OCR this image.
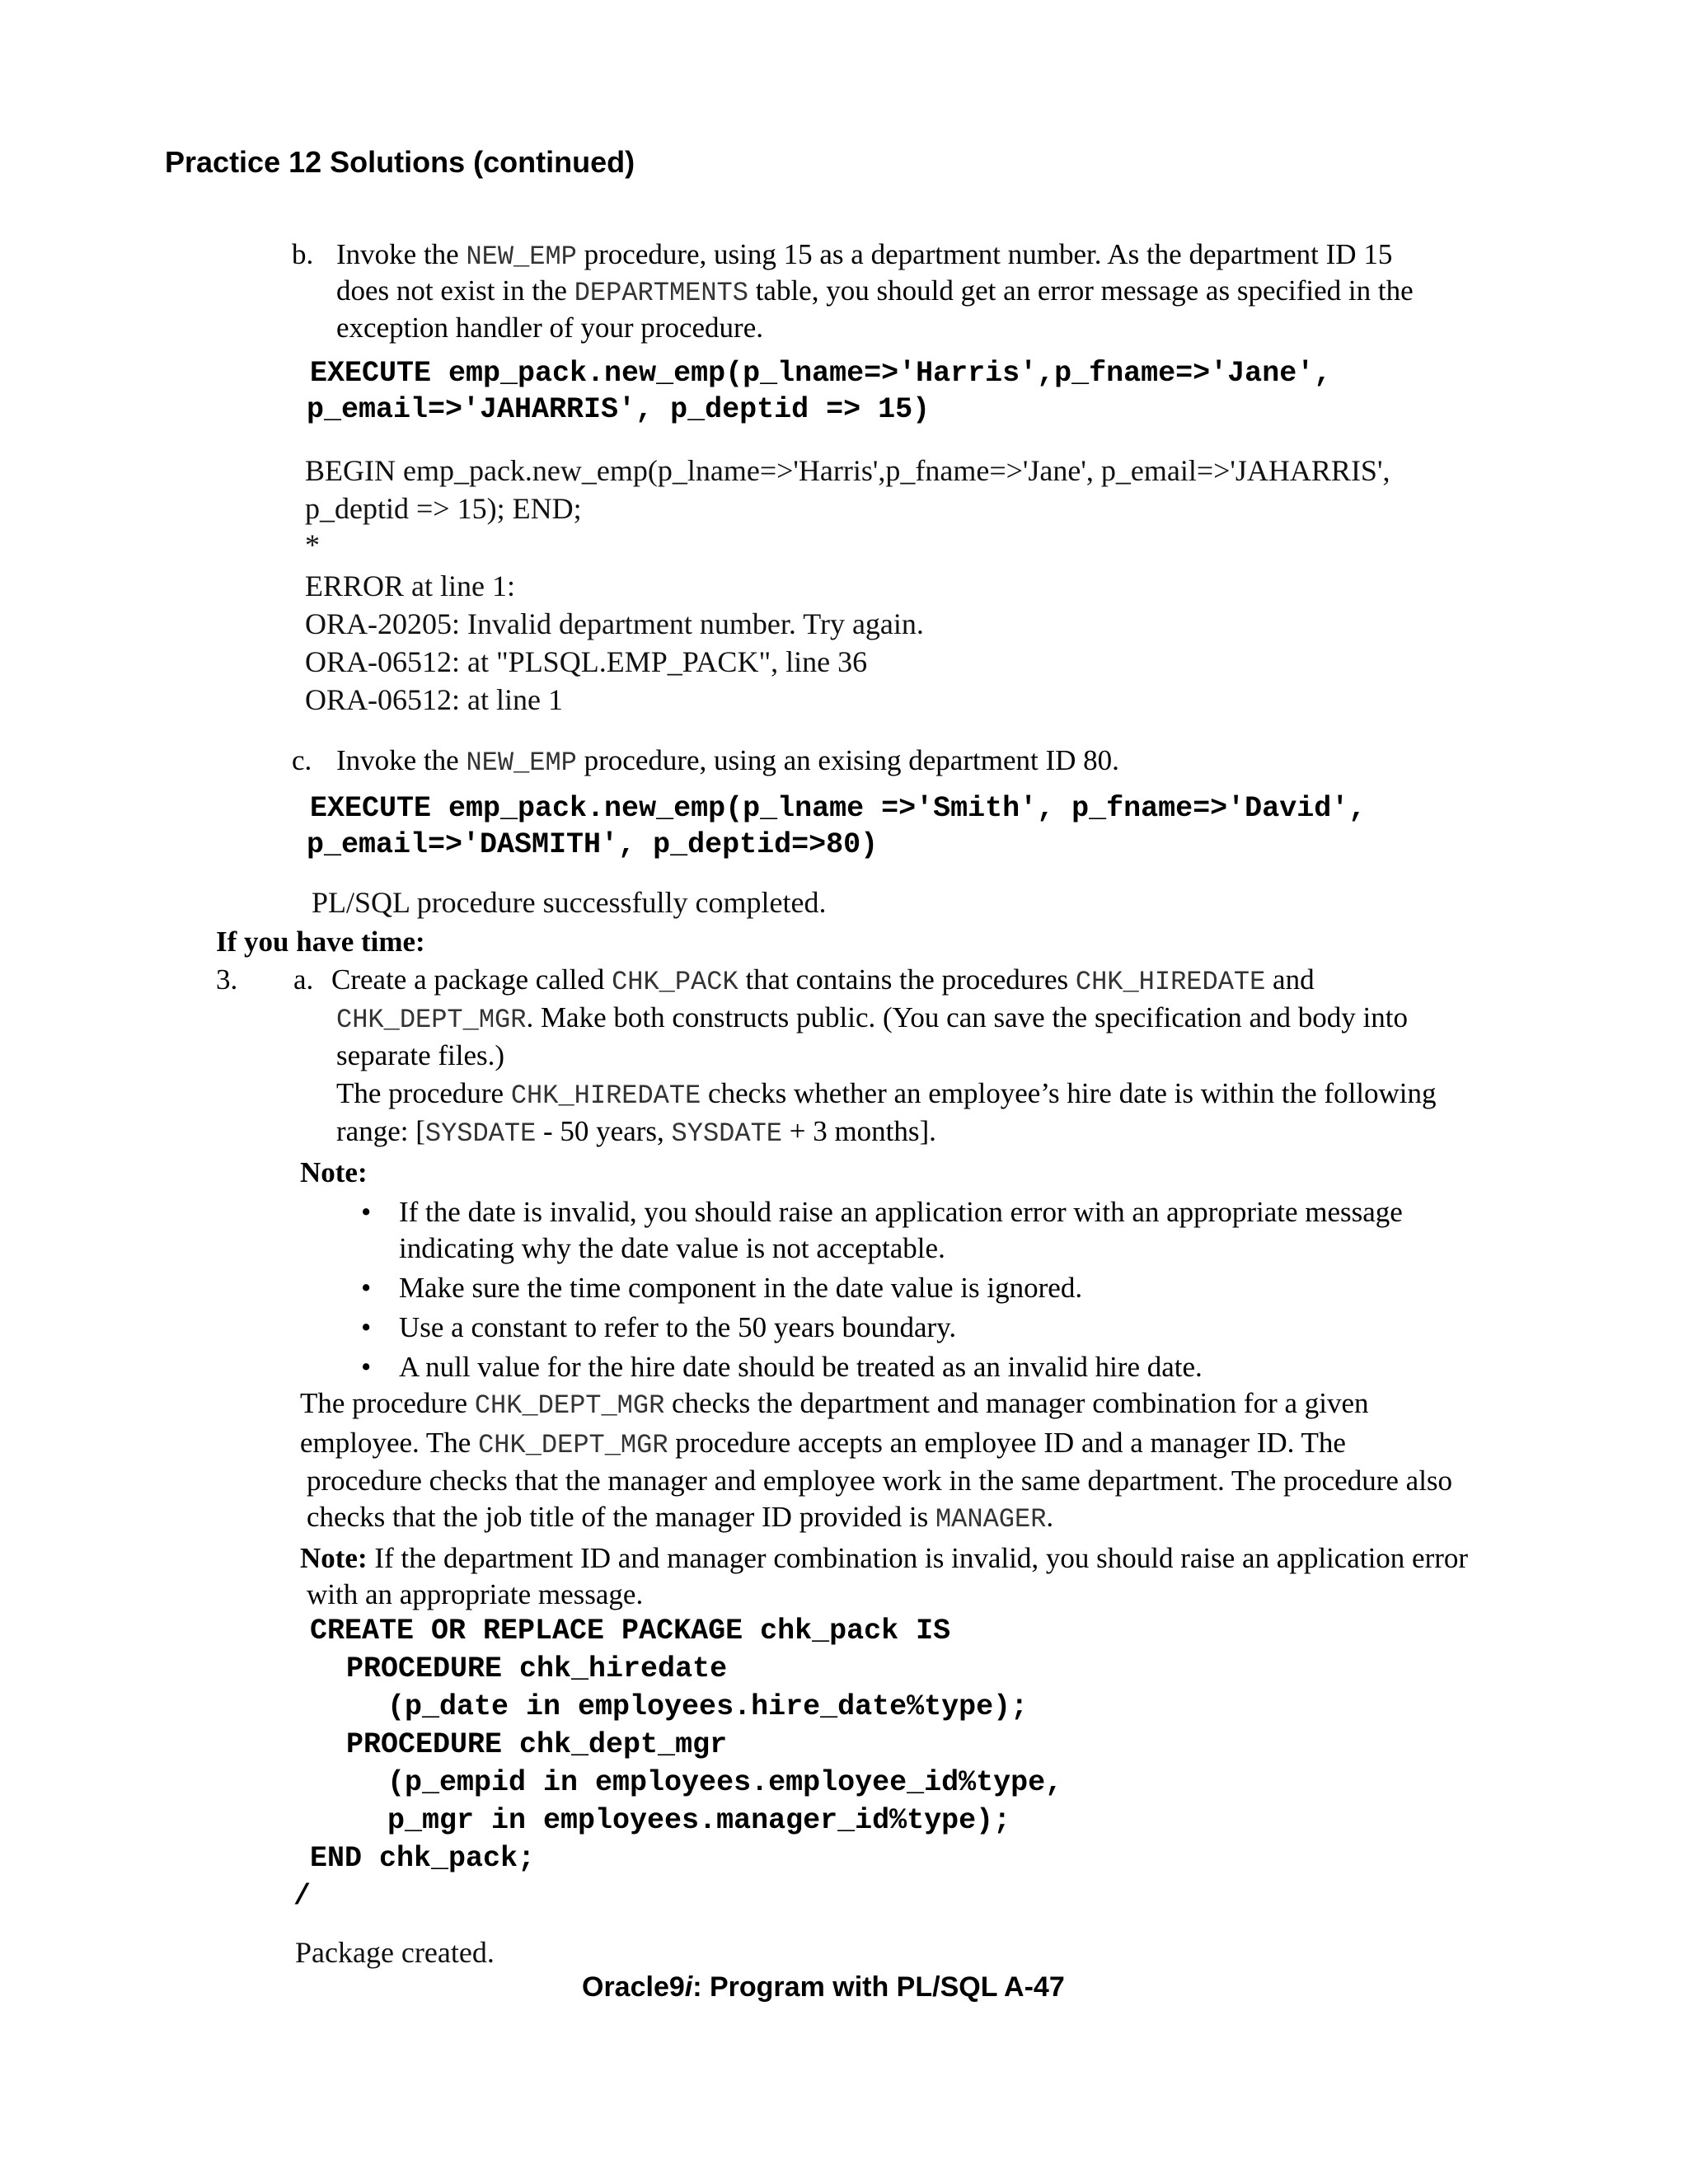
Practice 12 Solutions (continued)
b. Invoke the NEW_EMP procedure, using 15 as a department number. As the department ID 15
does not exist in the DEPARTMENTS table, you should get an error message as specified in the
exception handler of your procedure.
EXECUTE emp_pack.new_emp(p_lname=>'Harris',p_fname=>'Jane',
p_email=>'JAHARRIS', p_deptid => 15)
BEGIN emp_pack.new_emp(p_lname=>'Harris',p_fname=>'Jane', p_email=>'JAHARRIS',
p_deptid => 15); END;
*
ERROR at line 1:
ORA-20205: Invalid department number. Try again.
ORA-06512: at "PLSQL.EMP_PACK", line 36
ORA-06512: at line 1
c. Invoke the NEW_EMP procedure, using an exising department ID 80.
EXECUTE emp_pack.new_emp(p_lname =>'Smith', p_fname=>'David',
p_email=>'DASMITH', p_deptid=>80)
PL/SQL procedure successfully completed.
If you have time:
3. a. Create a package called CHK_PACK that contains the procedures CHK_HIREDATE and
CHK_DEPT_MGR. Make both constructs public. (You can save the specification and body into
separate files.)
The procedure CHK_HIREDATE checks whether an employee’s hire date is within the following
range: [SYSDATE - 50 years, SYSDATE + 3 months].
Note:
• If the date is invalid, you should raise an application error with an appropriate message
indicating why the date value is not acceptable.
• Make sure the time component in the date value is ignored.
• Use a constant to refer to the 50 years boundary.
• A null value for the hire date should be treated as an invalid hire date.
The procedure CHK_DEPT_MGR checks the department and manager combination for a given
employee. The CHK_DEPT_MGR procedure accepts an employee ID and a manager ID. The
procedure checks that the manager and employee work in the same department. The procedure also
checks that the job title of the manager ID provided is MANAGER.
Note: If the department ID and manager combination is invalid, you should raise an application error
with an appropriate message.
CREATE OR REPLACE PACKAGE chk_pack IS
PROCEDURE chk_hiredate
(p_date in employees.hire_date%type);
PROCEDURE chk_dept_mgr
(p_empid in employees.employee_id%type,
p_mgr in employees.manager_id%type);
END chk_pack;
/
Package created.
Oracle9i: Program with PL/SQL A-47
